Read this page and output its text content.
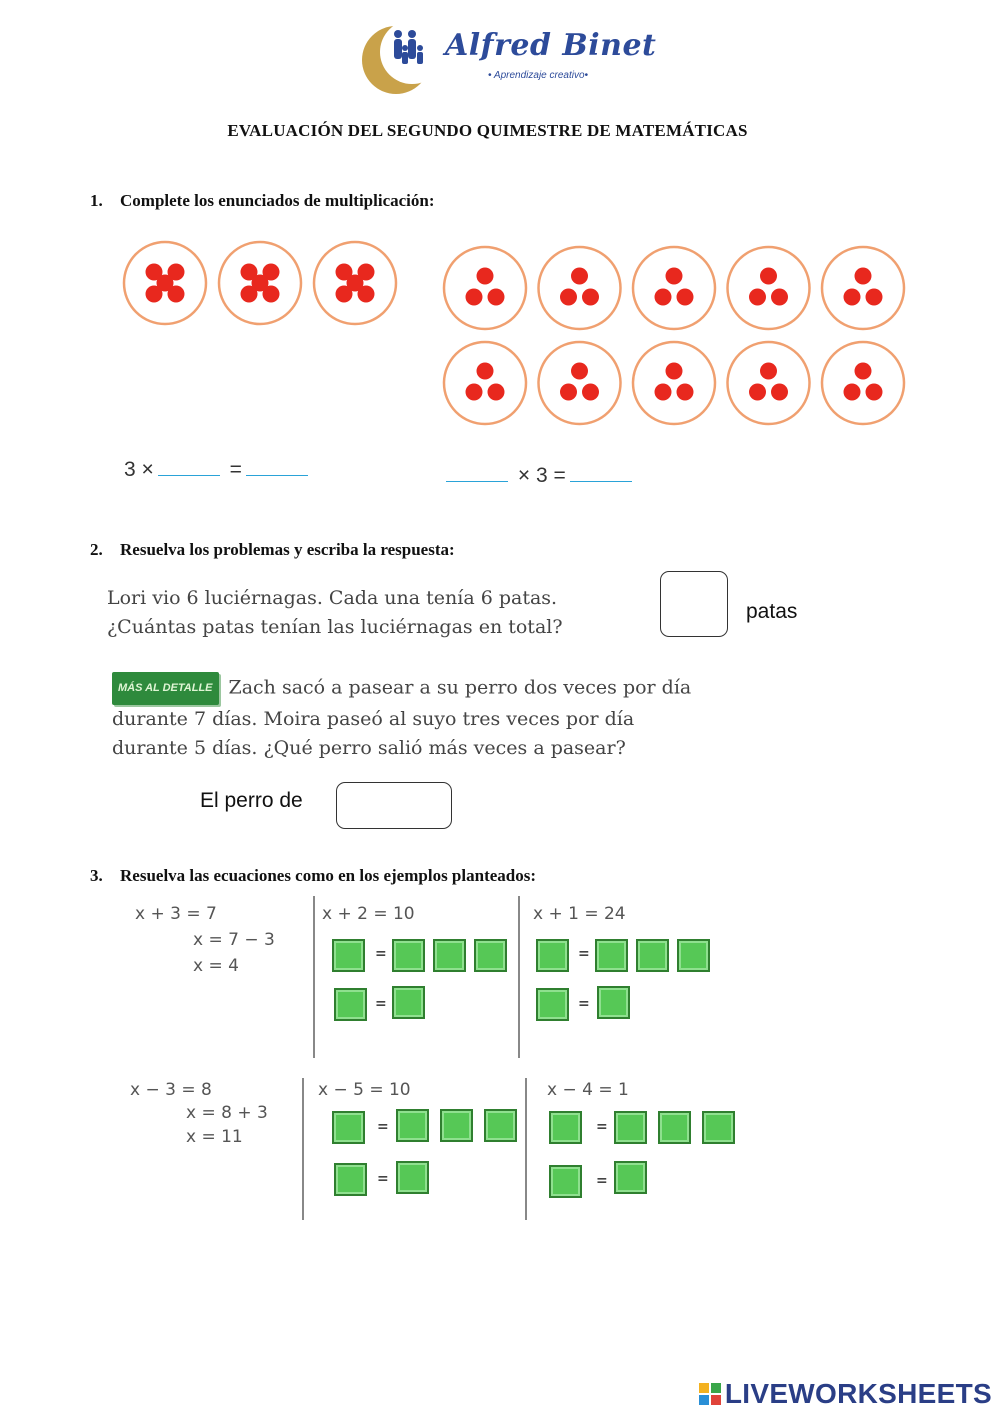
Alfred Binet
• Aprendizaje creativo•
EVALUACIÓN DEL SEGUNDO QUIMESTRE DE MATEMÁTICAS
1. Complete los enunciados de multiplicación:
3 ×	=	× 3 =
2. Resuelva los problemas y escriba la respuesta:
Lori vio 6 luciérnagas. Cada una tenía 6 patas.
¿Cuántas patas tenían las luciérnagas en total?
patas
MÁS AL DETALLE Zach sacó a pasear a su perro dos veces por día
durante 7 días. Moira paseó al suyo tres veces por día
durante 5 días. ¿Qué perro salió más veces a pasear?
El perro de
3. Resuelva las ecuaciones como en los ejemplos planteados:
x + 3 = 7
x = 7 − 3
x = 4
x + 2 = 10	x + 1 = 24
x − 3 = 8
x = 8 + 3
x = 11
x − 5 = 10	x − 4 = 1
=
=
=
=
=
=
=
=
LIVEWORKSHEETS
